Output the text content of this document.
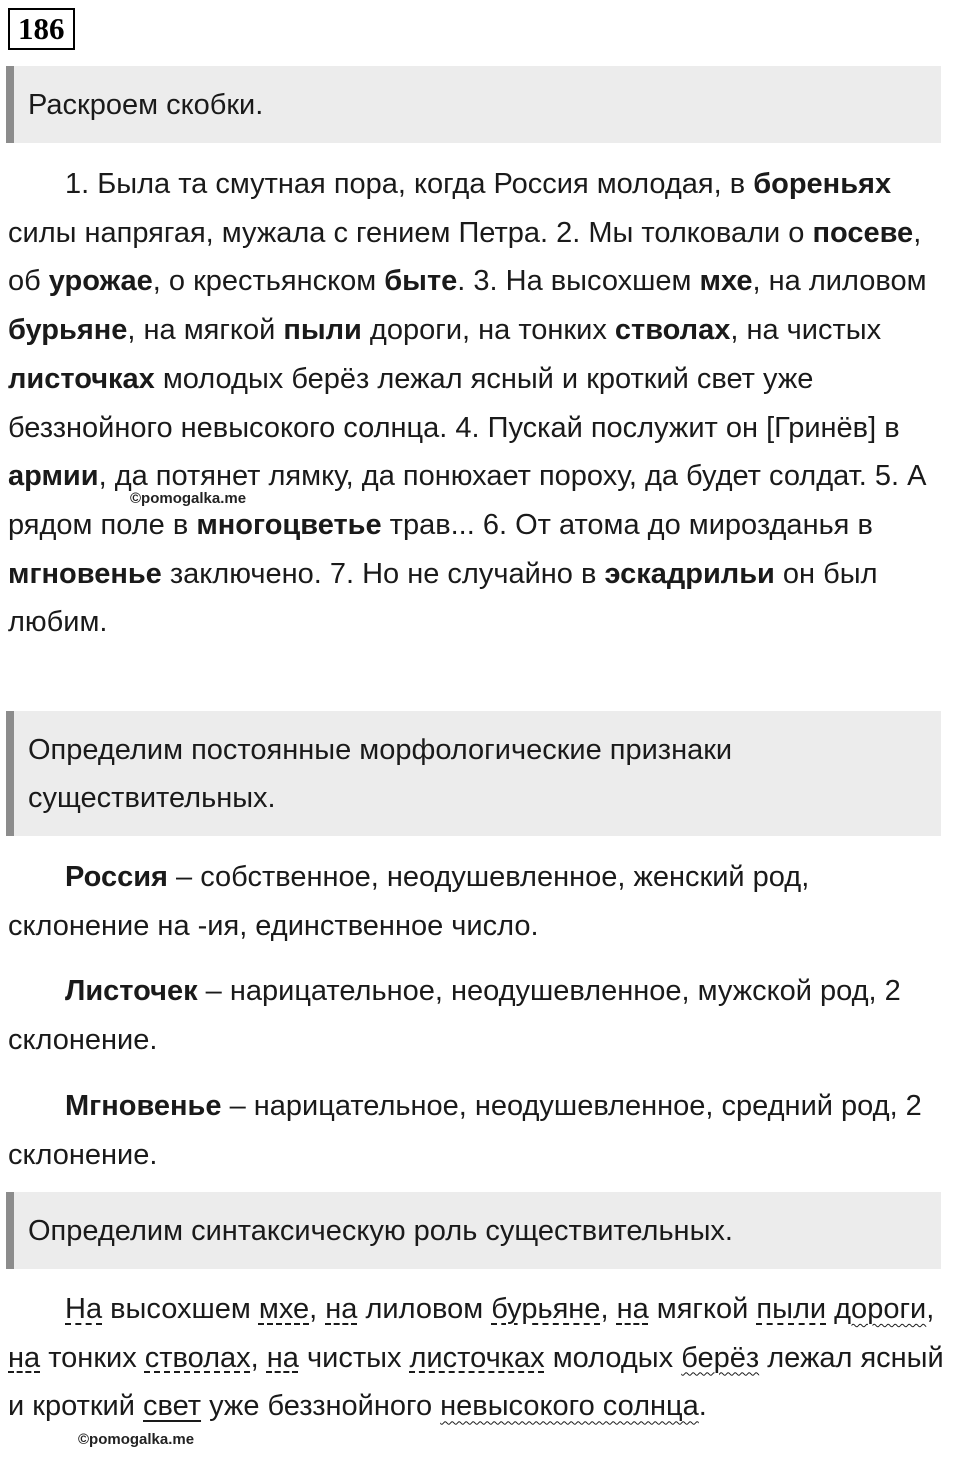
186
Раскроем скобки.
1. Была та смутная пора, когда Россия молодая, в бореньях силы напрягая, мужала с гением Петра. 2. Мы толковали о посеве, об урожае, о крестьянском быте. 3. На высохшем мхе, на лиловом бурьяне, на мягкой пыли дороги, на тонких стволах, на чистых листочках молодых берёз лежал ясный и кроткий свет уже беззнойного невысокого солнца. 4. Пускай послужит он [Гринёв] в армии, да потянет лямку, да понюхает пороху, да будет солдат. 5. А рядом поле в многоцветье трав... 6. От атома до мирозданья в мгновенье заключено. 7. Но не случайно в эскадрильи он был любим.
©pomogalka.me
Определим постоянные морфологические признаки
существительных.
Россия – собственное, неодушевленное, женский род, склонение на -ия, единственное число.
Листочек – нарицательное, неодушевленное, мужской род, 2 склонение.
Мгновенье – нарицательное, неодушевленное, средний род, 2 склонение.
Определим синтаксическую роль существительных.
На высохшем мхе, на лиловом бурьяне, на мягкой пыли дороги, на тонких стволах, на чистых листочках молодых берёз лежал ясный и кроткий свет уже беззнойного невысокого солнца.
©pomogalka.me
